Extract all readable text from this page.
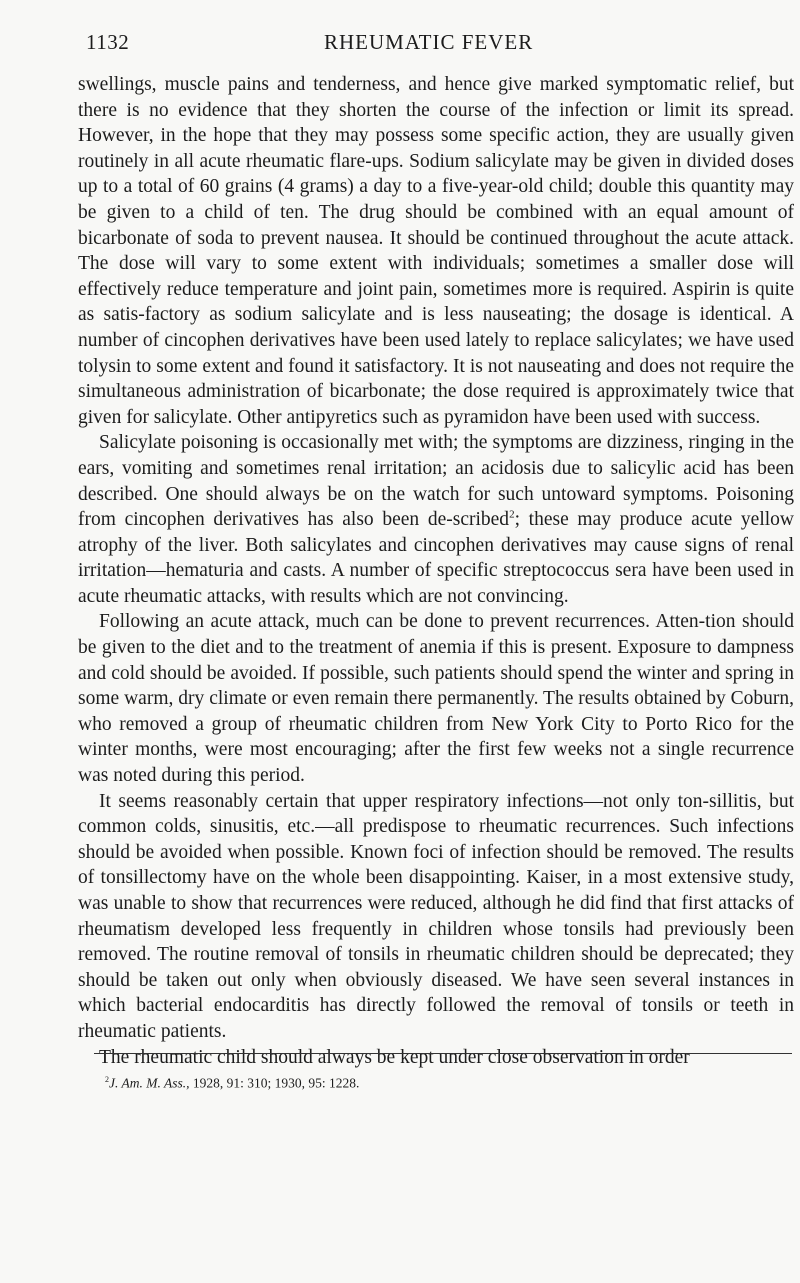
1132	RHEUMATIC FEVER

swellings, muscle pains and tenderness, and hence give marked symptomatic relief, but there is no evidence that they shorten the course of the infection or limit its spread. However, in the hope that they may possess some specific action, they are usually given routinely in all acute rheumatic flare-ups. Sodium salicylate may be given in divided doses up to a total of 60 grains (4 grams) a day to a five-year-old child; double this quantity may be given to a child of ten. The drug should be combined with an equal amount of bicarbonate of soda to prevent nausea. It should be continued throughout the acute attack. The dose will vary to some extent with individuals; sometimes a smaller dose will effectively reduce temperature and joint pain, sometimes more is required. Aspirin is quite as satis-factory as sodium salicylate and is less nauseating; the dosage is identical. A number of cincophen derivatives have been used lately to replace salicylates; we have used tolysin to some extent and found it satisfactory. It is not nauseating and does not require the simultaneous administration of bicarbonate; the dose required is approximately twice that given for salicylate. Other antipyretics such as pyramidon have been used with success.

Salicylate poisoning is occasionally met with; the symptoms are dizziness, ringing in the ears, vomiting and sometimes renal irritation; an acidosis due to salicylic acid has been described. One should always be on the watch for such untoward symptoms. Poisoning from cincophen derivatives has also been de-scribed$^2$; these may produce acute yellow atrophy of the liver. Both salicylates and cincophen derivatives may cause signs of renal irritation—hematuria and casts. A number of specific streptococcus sera have been used in acute rheumatic attacks, with results which are not convincing.

Following an acute attack, much can be done to prevent recurrences. Atten-tion should be given to the diet and to the treatment of anemia if this is present. Exposure to dampness and cold should be avoided. If possible, such patients should spend the winter and spring in some warm, dry climate or even remain there permanently. The results obtained by Coburn, who removed a group of rheumatic children from New York City to Porto Rico for the winter months, were most encouraging; after the first few weeks not a single recurrence was noted during this period.

It seems reasonably certain that upper respiratory infections—not only ton-sillitis, but common colds, sinusitis, etc.—all predispose to rheumatic recurrences. Such infections should be avoided when possible. Known foci of infection should be removed. The results of tonsillectomy have on the whole been disappointing. Kaiser, in a most extensive study, was unable to show that recurrences were reduced, although he did find that first attacks of rheumatism developed less frequently in children whose tonsils had previously been removed. The routine removal of tonsils in rheumatic children should be deprecated; they should be taken out only when obviously diseased. We have seen several instances in which bacterial endocarditis has directly followed the removal of tonsils or teeth in rheumatic patients.

The rheumatic child should always be kept under close observation in order

$^2$J. Am. M. Ass., 1928, 91: 310; 1930, 95: 1228.
